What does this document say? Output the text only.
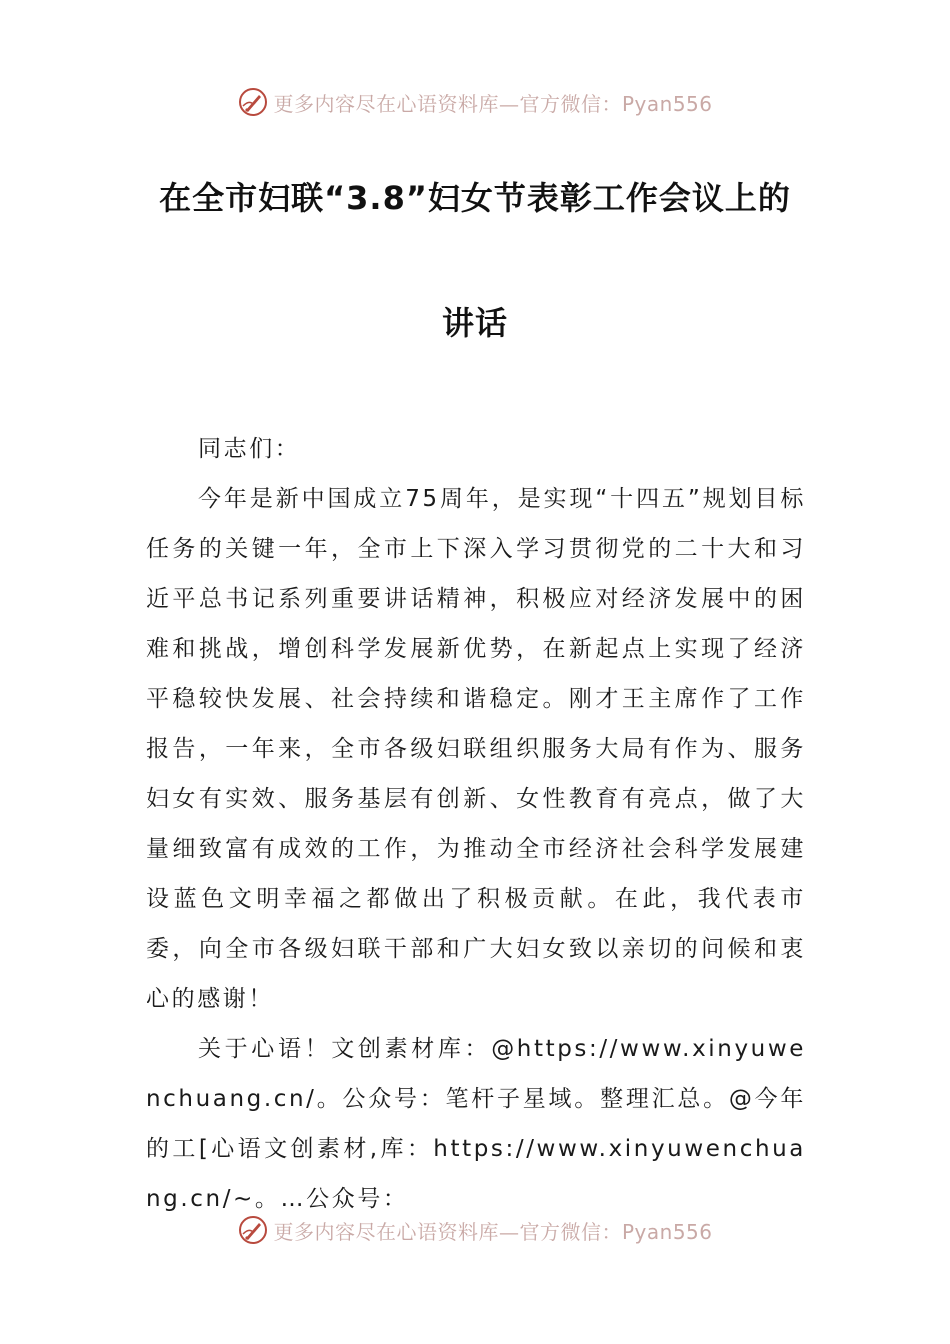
更多内容尽在心语资料库—官方微信：Pyan556
在全市妇联“3.8”妇女节表彰工作会议上的
讲话

同志们：

今年是新中国成立75周年，是实现“十四五”规划目标任务的关键一年，全市上下深入学习贯彻党的二十大和习近平总书记系列重要讲话精神，积极应对经济发展中的困难和挑战，增创科学发展新优势，在新起点上实现了经济平稳较快发展、社会持续和谐稳定。刚才王主席作了工作报告，一年来，全市各级妇联组织服务大局有作为、服务妇女有实效、服务基层有创新、女性教育有亮点，做了大量细致富有成效的工作，为推动全市经济社会科学发展建设蓝色文明幸福之都做出了积极贡献。在此，我代表市委，向全市各级妇联干部和广大妇女致以亲切的问候和衷心的感谢！

关于心语！文创素材库：@https://www.xinyuwenchuang.cn/。公众号：笔杆子星域。整理汇总。@今年的工[心语文创素材,库：https://www.xinyuwenchuang.cn/~。…公众号：

更多内容尽在心语资料库—官方微信：Pyan556
